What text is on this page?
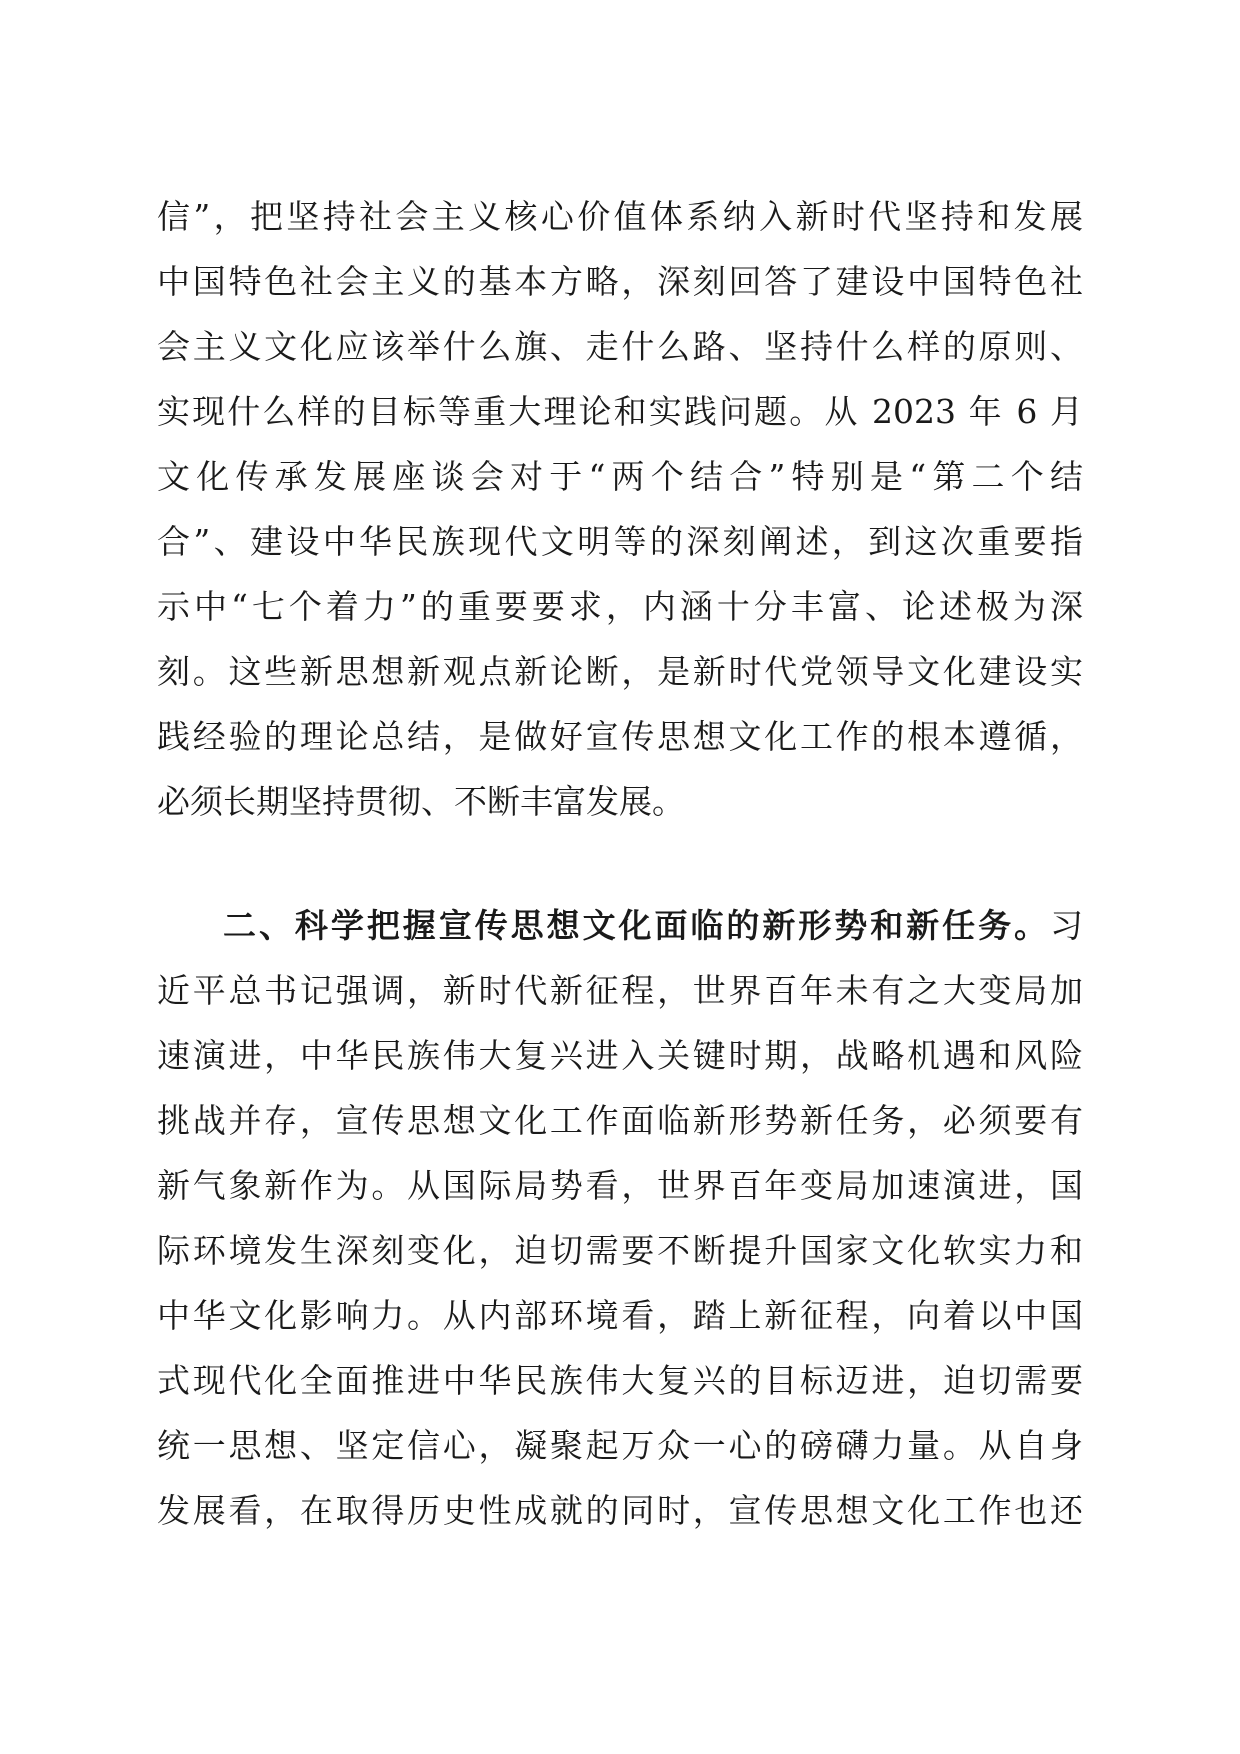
信”，把坚持社会主义核心价值体系纳入新时代坚持和发展
中国特色社会主义的基本方略，深刻回答了建设中国特色社
会主义文化应该举什么旗、走什么路、坚持什么样的原则、
实现什么样的目标等重大理论和实践问题。从 2023 年 6 月
文化传承发展座谈会对于“两个结合”特别是“第二个结
合”、建设中华民族现代文明等的深刻阐述，到这次重要指
示中“七个着力”的重要要求，内涵十分丰富、论述极为深
刻。这些新思想新观点新论断，是新时代党领导文化建设实
践经验的理论总结，是做好宣传思想文化工作的根本遵循，
必须长期坚持贯彻、不断丰富发展。
二、科学把握宣传思想文化面临的新形势和新任务。习
近平总书记强调，新时代新征程，世界百年未有之大变局加
速演进，中华民族伟大复兴进入关键时期，战略机遇和风险
挑战并存，宣传思想文化工作面临新形势新任务，必须要有
新气象新作为。从国际局势看，世界百年变局加速演进，国
际环境发生深刻变化，迫切需要不断提升国家文化软实力和
中华文化影响力。从内部环境看，踏上新征程，向着以中国
式现代化全面推进中华民族伟大复兴的目标迈进，迫切需要
统一思想、坚定信心，凝聚起万众一心的磅礴力量。从自身
发展看，在取得历史性成就的同时，宣传思想文化工作也还
